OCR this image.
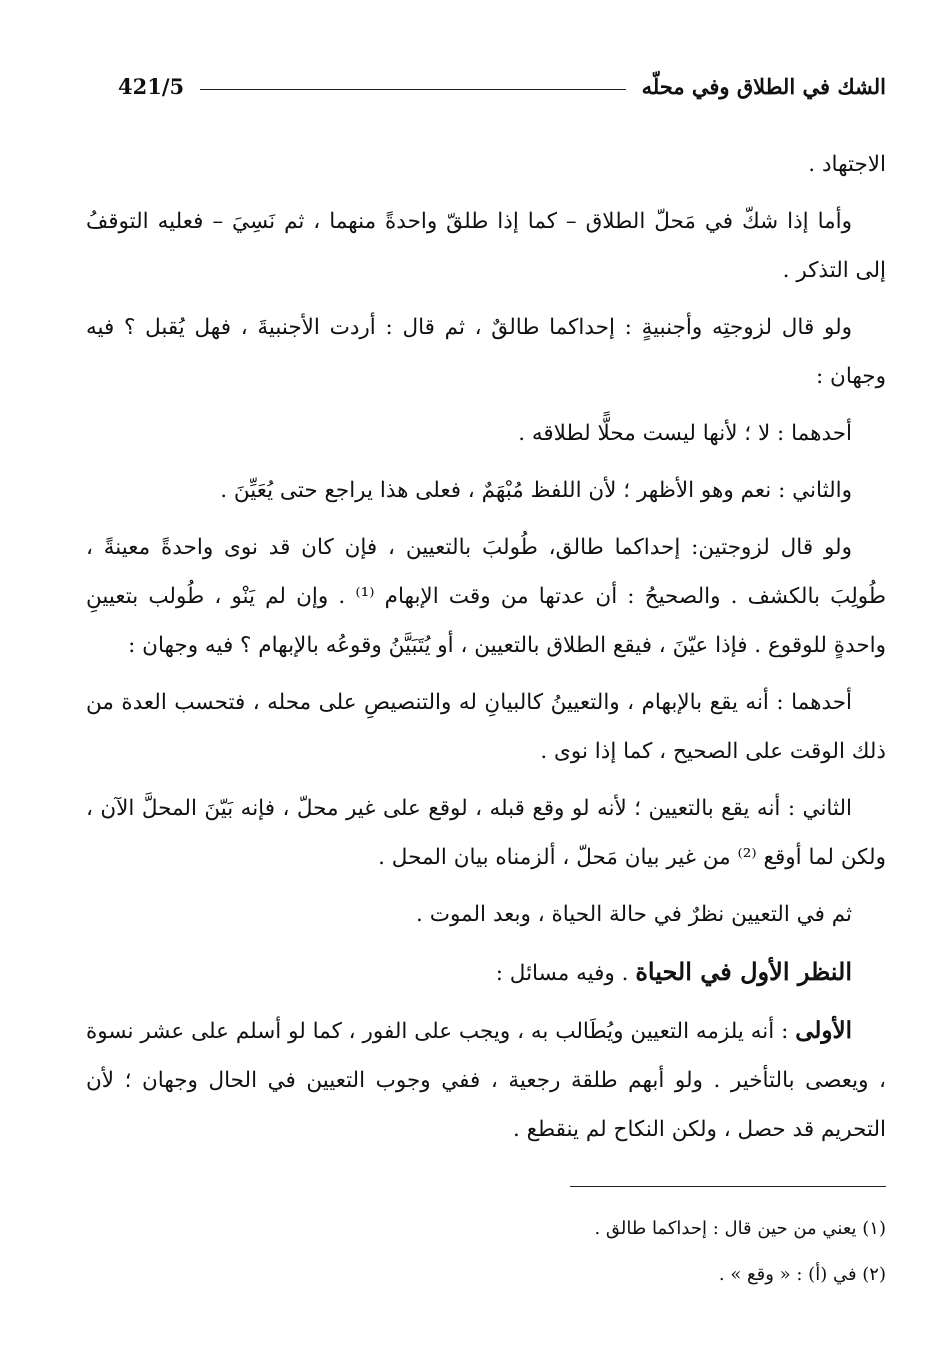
الشك في الطلاق وفي محلّه
421/5

الاجتهاد .

وأما إذا شكّ في مَحلّ الطلاق – كما إذا طلقّ واحدةً منهما ، ثم نَسِيَ – فعليه التوقفُ إلى التذكر .

ولو قال لزوجتِه وأجنبيةٍ : إحداكما طالقٌ ، ثم قال : أردت الأجنبيةَ ، فهل يُقبل ؟ فيه وجهان :

أحدهما : لا ؛ لأنها ليست محلًّا لطلاقه .

والثاني : نعم وهو الأظهر ؛ لأن اللفظ مُبْهَمٌ ، فعلى هذا يراجع حتى يُعَيِّنَ .

ولو قال لزوجتين: إحداكما طالق، طُولبَ بالتعيين ، فإن كان قد نوى واحدةً معينةً ، طُولِبَ بالكشف . والصحيحُ : أن عدتها من وقت الإبهام ⁽¹⁾ . وإن لم يَنْو ، طُولب بتعيينِ واحدةٍ للوقوع . فإذا عيّنَ ، فيقع الطلاق بالتعيين ، أو يُتَبَيَّنُ وقوعُه بالإبهام ؟ فيه وجهان :

أحدهما : أنه يقع بالإبهام ، والتعيينُ كالبيانِ له والتنصيصِ على محله ، فتحسب العدة من ذلك الوقت على الصحيح ، كما إذا نوى .

الثاني : أنه يقع بالتعيين ؛ لأنه لو وقع قبله ، لوقع على غير محلّ ، فإنه بَيّنَ المحلَّ الآن ، ولكن لما أوقع ⁽²⁾ من غير بيان مَحلّ ، ألزمناه بيان المحل .

ثم في التعيين نظرٌ في حالة الحياة ، وبعد الموت .

النظر الأول في الحياة . وفيه مسائل :

الأولى : أنه يلزمه التعيين ويُطَالب به ، ويجب على الفور ، كما لو أسلم على عشر نسوة ، ويعصى بالتأخير . ولو أبهم طلقة رجعية ، ففي وجوب التعيين في الحال وجهان ؛ لأن التحريم قد حصل ، ولكن النكاح لم ينقطع .

(١) يعني من حين قال : إحداكما طالق .

(٢) في (أ) : « وقع » .
